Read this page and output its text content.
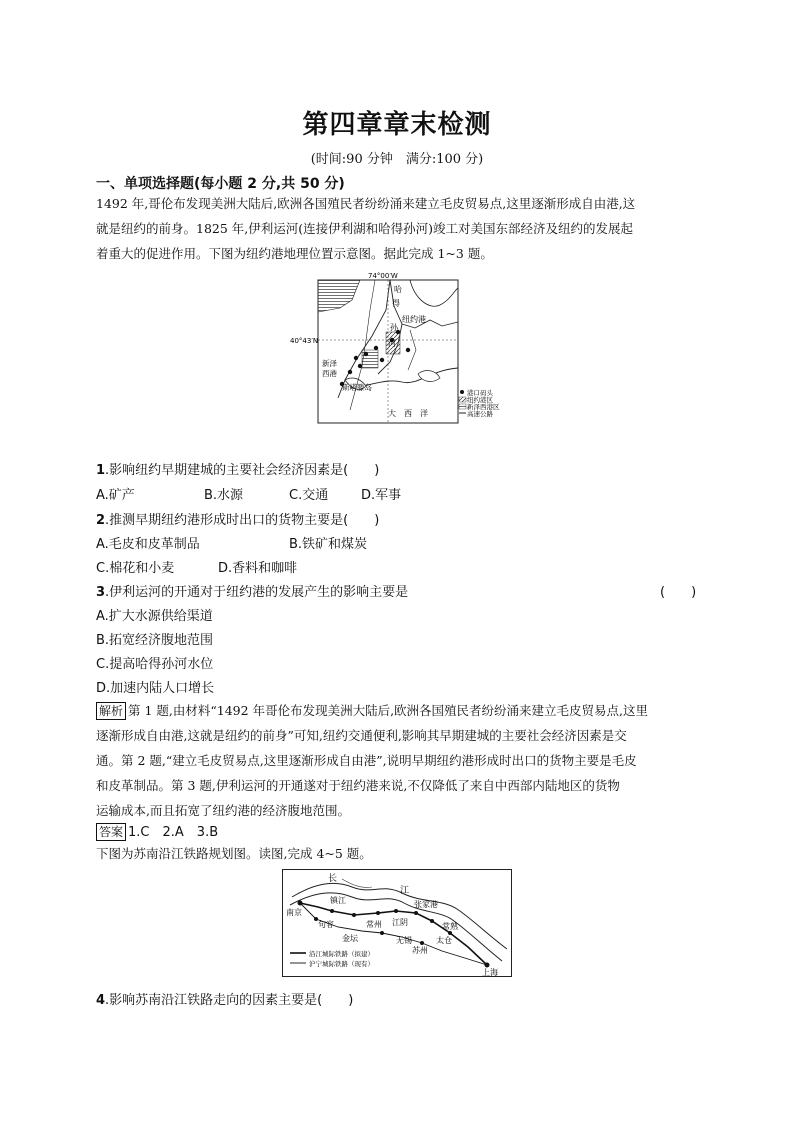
第四章章末检测
(时间:90 分钟　满分:100 分)
一、单项选择题(每小题 2 分,共 50 分)
1492 年,哥伦布发现美洲大陆后,欧洲各国殖民者纷纷涌来建立毛皮贸易点,这里逐渐形成自由港,这
就是纽约的前身。1825 年,伊利运河(连接伊利湖和哈得孙河)竣工对美国东部经济及纽约的发展起
着重大的促进作用。下图为纽约港地理位置示意图。据此完成 1~3 题。
74°00′W
40°43′N
哈
得
孙
河
纽约港
新泽
西港
斯塔滕岛
大　西　洋
港口码头
纽约港区
新泽西港区
高速公路
1.影响纽约早期建城的主要社会经济因素是(　　)
A.矿产	B.水源	C.交通	D.军事
2.推测早期纽约港形成时出口的货物主要是(　　)
A.毛皮和皮革制品	B.铁矿和煤炭
C.棉花和小麦	D.香料和咖啡
3.伊利运河的开通对于纽约港的发展产生的影响主要是	(　　)
A.扩大水源供给渠道
B.拓宽经济腹地范围
C.提高哈得孙河水位
D.加速内陆人口增长
解析 第 1 题,由材料“1492 年哥伦布发现美洲大陆后,欧洲各国殖民者纷纷涌来建立毛皮贸易点,这里
逐渐形成自由港,这就是纽约的前身”可知,纽约交通便利,影响其早期建城的主要社会经济因素是交
通。第 2 题,“建立毛皮贸易点,这里逐渐形成自由港”,说明早期纽约港形成时出口的货物主要是毛皮
和皮革制品。第 3 题,伊利运河的开通遂对于纽约港来说,不仅降低了来自中西部内陆地区的货物
运输成本,而且拓宽了纽约港的经济腹地范围。
答案 1.C　2.A　3.B
下图为苏南沿江铁路规划图。读图,完成 4~5 题。
长
江
南京
镇江
句容
金坛
常州 江阴
张家港
无锡
常熟
苏州
太仓
上海
沿江城际铁路（拟建）
沪宁城际铁路（现有）
4.影响苏南沿江铁路走向的因素主要是(　　)
